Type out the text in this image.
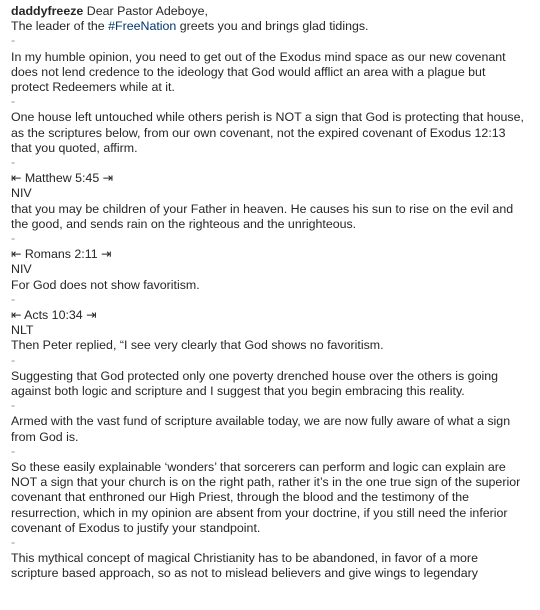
daddyfreeze Dear Pastor Adeboye,
The leader of the #FreeNation greets you and brings glad tidings.
-
In my humble opinion, you need to get out of the Exodus mind space as our new covenant
does not lend credence to the ideology that God would afflict an area with a plague but
protect Redeemers while at it.
-
One house left untouched while others perish is NOT a sign that God is protecting that house,
as the scriptures below, from our own covenant, not the expired covenant of Exodus 12:13
that you quoted, affirm.
-
⇤ Matthew 5:45 ⇥
NIV
that you may be children of your Father in heaven. He causes his sun to rise on the evil and
the good, and sends rain on the righteous and the unrighteous.
-
⇤ Romans 2:11 ⇥
NIV
For God does not show favoritism.
-
⇤ Acts 10:34 ⇥
NLT
Then Peter replied, “I see very clearly that God shows no favoritism.
-
Suggesting that God protected only one poverty drenched house over the others is going
against both logic and scripture and I suggest that you begin embracing this reality.
-
Armed with the vast fund of scripture available today, we are now fully aware of what a sign
from God is.
-
So these easily explainable ‘wonders’ that sorcerers can perform and logic can explain are
NOT a sign that your church is on the right path, rather it’s in the one true sign of the superior
covenant that enthroned our High Priest, through the blood and the testimony of the
resurrection, which in my opinion are absent from your doctrine, if you still need the inferior
covenant of Exodus to justify your standpoint.
-
This mythical concept of magical Christianity has to be abandoned, in favor of a more
scripture based approach, so as not to mislead believers and give wings to legendary
